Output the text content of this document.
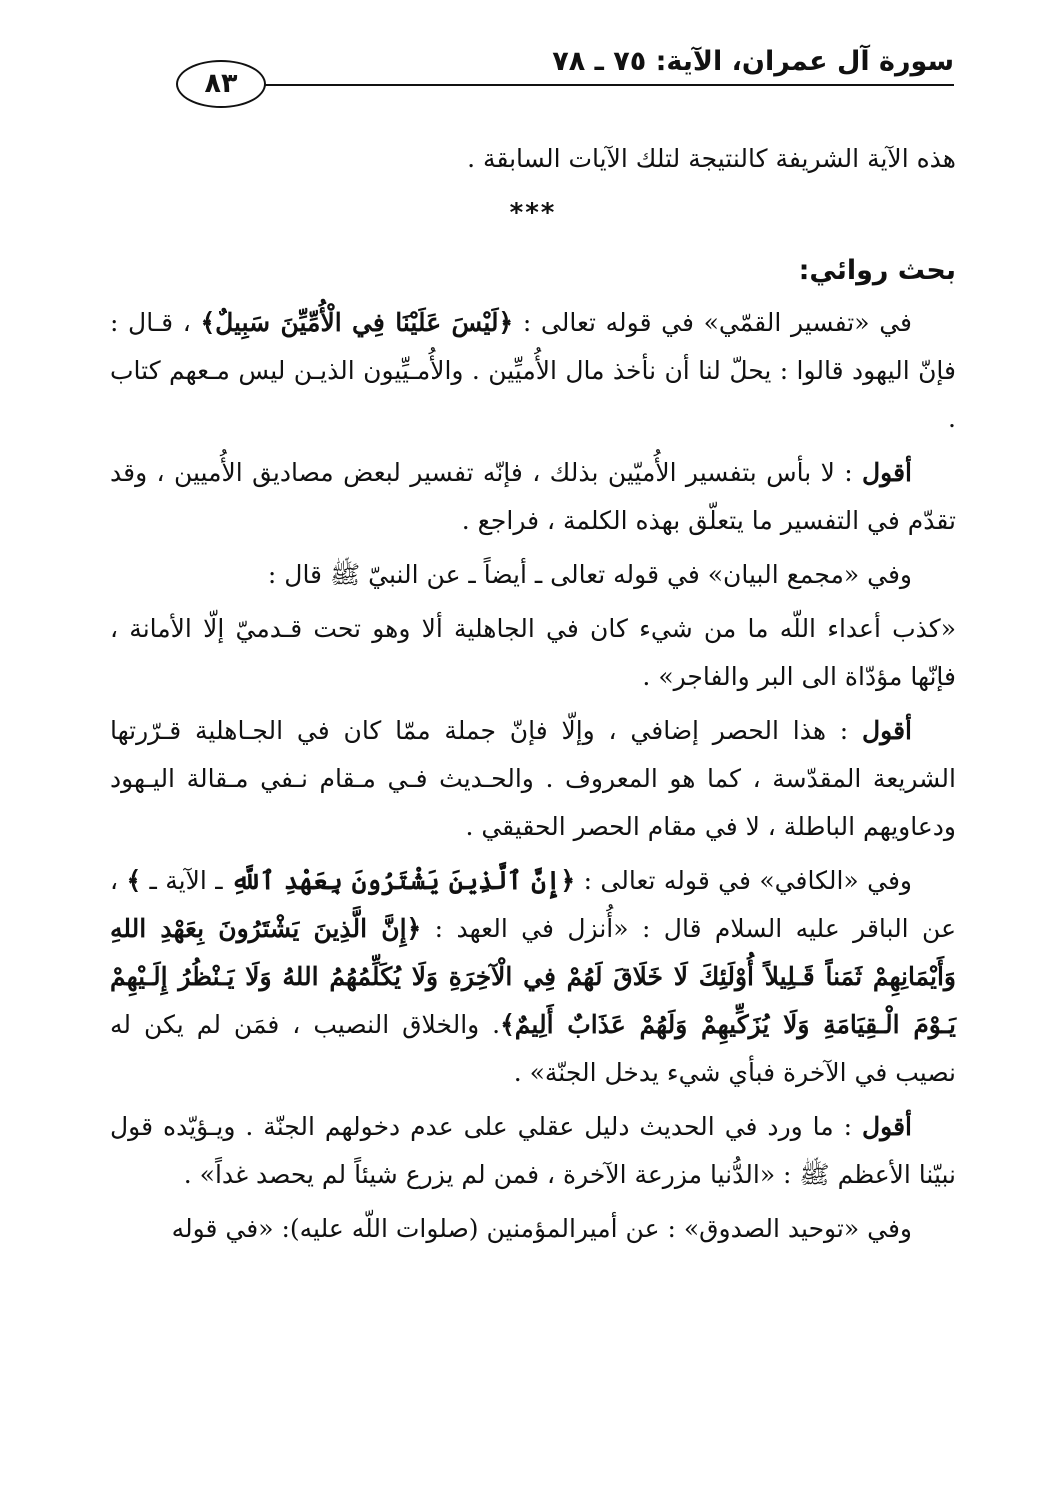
سورة آل عمران، الآية: ٧٥ ـ ٧٨
٨٣

هذه الآية الشريفة كالنتيجة لتلك الآيات السابقة .

***
بحث روائي:

في «تفسير القمّي» في قوله تعالى : ﴿لَيْسَ عَلَيْنَا فِي الْأُمِّيِّنَ سَبِيلٌ﴾ ، قـال : فإنّ اليهود قالوا : يحلّ لنا أن نأخذ مال الأُميِّين . والأُمـيِّيون الذيـن ليس مـعهم كتاب .

أقول : لا بأس بتفسير الأُميّين بذلك ، فإنّه تفسير لبعض مصاديق الأُميين ، وقد تقدّم في التفسير ما يتعلّق بهذه الكلمة ، فراجع .

وفي «مجمع البيان» في قوله تعالى ـ أيضاً ـ عن النبيّ ﷺ قال :

«كذب أعداء اللّه ما من شيء كان في الجاهلية ألا وهو تحت قـدميّ إلّا الأمانة ، فإنّها مؤدّاة الى البر والفاجر» .

أقول : هذا الحصر إضافي ، وإلّا فإنّ جملة ممّا كان في الجـاهلية قـرّرتها الشريعة المقدّسة ، كما هو المعروف . والحـديث فـي مـقام نـفي مـقالة اليـهود ودعاويهم الباطلة ، لا في مقام الحصر الحقيقي .

وفي «الكافي» في قوله تعالى : ﴿إِنَّ ٱلَّذِينَ يَشْتَرُونَ بِعَهْدِ ٱللَّهِ ـ الآية ـ ﴾ ، عن الباقر عليه السلام قال : «أُنزل في العهد : ﴿إِنَّ الَّذِينَ يَشْتَرُونَ بِعَهْدِ اللهِ وَأَيْمَانِهِمْ ثَمَناً قَـلِيلاً أُوْلَئِكَ لَا خَلَاقَ لَهُمْ فِي الْآخِرَةِ وَلَا يُكَلِّمُهُمُ اللهُ وَلَا يَـنْظُرُ إِلَـيْهِمْ يَـوْمَ الْـقِيَامَةِ وَلَا يُزَكِّيهِمْ وَلَهُمْ عَذَابٌ أَلِيمٌ﴾. والخلاق النصيب ، فمَن لم يكن له نصيب في الآخرة فبأي شيء يدخل الجنّة» .

أقول : ما ورد في الحديث دليل عقلي على عدم دخولهم الجنّة . ويـؤيّده قول نبيّنا الأعظم ﷺ : «الدُّنيا مزرعة الآخرة ، فمن لم يزرع شيئاً لم يحصد غداً» .

وفي «توحيد الصدوق» : عن أميرالمؤمنين (صلوات اللّه عليه): «في قوله
